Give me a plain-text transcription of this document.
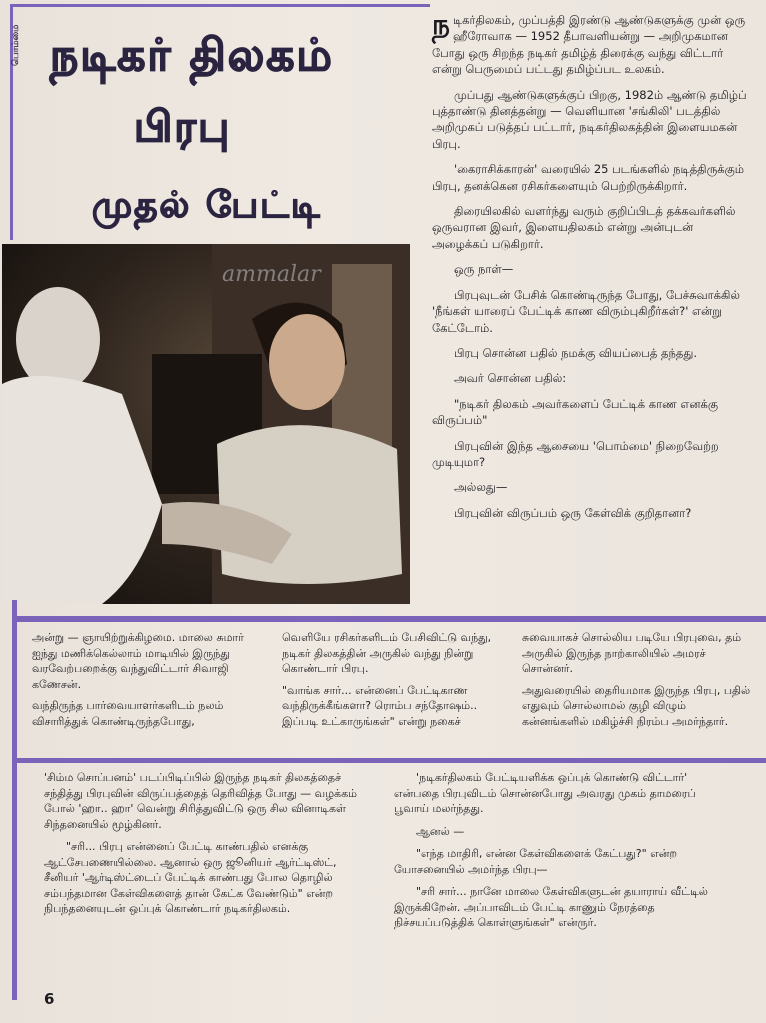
பொம்மை நடிகர் திலகம்
பிரபு
முதல் பேட்டி
ammalar

நடிகர்திலகம், முப்பத்தி இரண்டு ஆண்டுகளுக்கு முன் ஒரு ஹீரோவாக — 1952 தீபாவளியன்று — அறிமுகமான போது ஒரு சிறந்த நடிகர் தமிழ்த் திரைக்கு வந்து விட்டார் என்று பெருமைப் பட்டது தமிழ்ப்பட உலகம்.

முப்பது ஆண்டுகளுக்குப் பிறகு, 1982ம் ஆண்டு தமிழ்ப் புத்தாண்டு தினத்தன்று — வெளியான 'சங்கிலி' படத்தில் அறிமுகப் படுத்தப் பட்டார், நடிகர்திலகத்தின் இளையமகன் பிரபு.

'கைராசிக்காரன்' வரையில் 25 படங்களில் நடித்திருக்கும் பிரபு, தனக்கென ரசிகர்களையும் பெற்றிருக்கிறார்.

திரையிலகில் வளர்ந்து வரும் குறிப்பிடத் தக்கவர்களில் ஒருவரான இவர், இளையதிலகம் என்று அன்புடன் அழைக்கப் படுகிறார்.

ஒரு நாள்—

பிரபுவுடன் பேசிக் கொண்டிருந்த போது, பேச்சுவாக்கில் 'நீங்கள் யாரைப் பேட்டிக் காண விரும்புகிறீர்கள்?' என்று கேட்டோம்.

பிரபு சொன்ன பதில் நமக்கு வியப்பைத் தந்தது.

அவர் சொன்ன பதில்:

"நடிகர் திலகம் அவர்களைப் பேட்டிக் காண எனக்கு விருப்பம்"

பிரபுவின் இந்த ஆசையை 'பொம்மை' நிறைவேற்ற முடியுமா?

அல்லது—

பிரபுவின் விருப்பம் ஒரு கேள்விக் குறிதானா?

அன்று — ஞாயிற்றுக்கிழமை. மாலை சுமார் ஐந்து மணிக்கெல்லாம் மாடியில் இருந்து வரவேற்பறைக்கு வந்துவிட்டார் சிவாஜி கணேசன்.

வந்திருந்த பார்வையாளர்களிடம் நலம் விசாரித்துக் கொண்டிருந்தபோது,

வெளியே ரசிகர்களிடம் பேசிவிட்டு வந்து, நடிகர் திலகத்தின் அருகில் வந்து நின்று கொண்டார் பிரபு.

"வாங்க சார்... என்னைப் பேட்டிகாண வந்திருக்கீங்களா? ரொம்ப சந்தோஷம்.. இப்படி உட்காருங்கள்" என்று நகைச்

சுவையாகச் சொல்லிய படியே பிரபுவை, தம் அருகில் இருந்த நாற்காலியில் அமரச் சொன்னர்.

அதுவரையில் தைரியமாக இருந்த பிரபு, பதில் எதுவும் சொல்லாமல் குழி விழும் கன்னங்களில் மகிழ்ச்சி நிரம்ப அமர்ந்தார்.

'சிம்ம சொப்பனம்' படப்பிடிப்பில் இருந்த நடிகர் திலகத்தைச் சந்தித்து பிரபுவின் விருப்பத்தைத் தெரிவித்த போது — வழக்கம் போல் 'ஹா.. ஹா' வென்று சிரித்துவிட்டு ஒரு சில வினாடிகள் சிந்தனையில் மூழ்கினர்.

"சரி... பிரபு என்னைப் பேட்டி காண்பதில் எனக்கு ஆட்சேபணையில்லை. ஆனால் ஒரு ஜூனியர் ஆர்ட்டிஸ்ட், சீனியர் 'ஆர்டிஸ்ட்டைப் பேட்டிக் காண்பது போல தொழில் சம்பந்தமான கேள்விகளைத் தான் கேட்க வேண்டும்" என்ற நிபந்தனையுடன் ஒப்புக் கொண்டார் நடிகர்திலகம்.

'நடிகர்திலகம் பேட்டியளிக்க ஒப்புக் கொண்டு விட்டார்' என்பதை பிரபுவிடம் சொன்னபோது அவரது முகம் தாமரைப் பூவாய் மலர்ந்தது.

ஆனல் —

"எந்த மாதிரி, என்ன கேள்விகளைக் கேட்பது?" என்ற யோசனையில் அமர்ந்த பிரபு—

"சரி சார்... நானே மாலை கேள்விகளுடன் தயாராய் வீட்டில் இருக்கிறேன். அப்பாவிடம் பேட்டி காணும் நேரத்தை நிச்சயப்படுத்திக் கொள்ளுங்கள்" என்ருர்.

6
